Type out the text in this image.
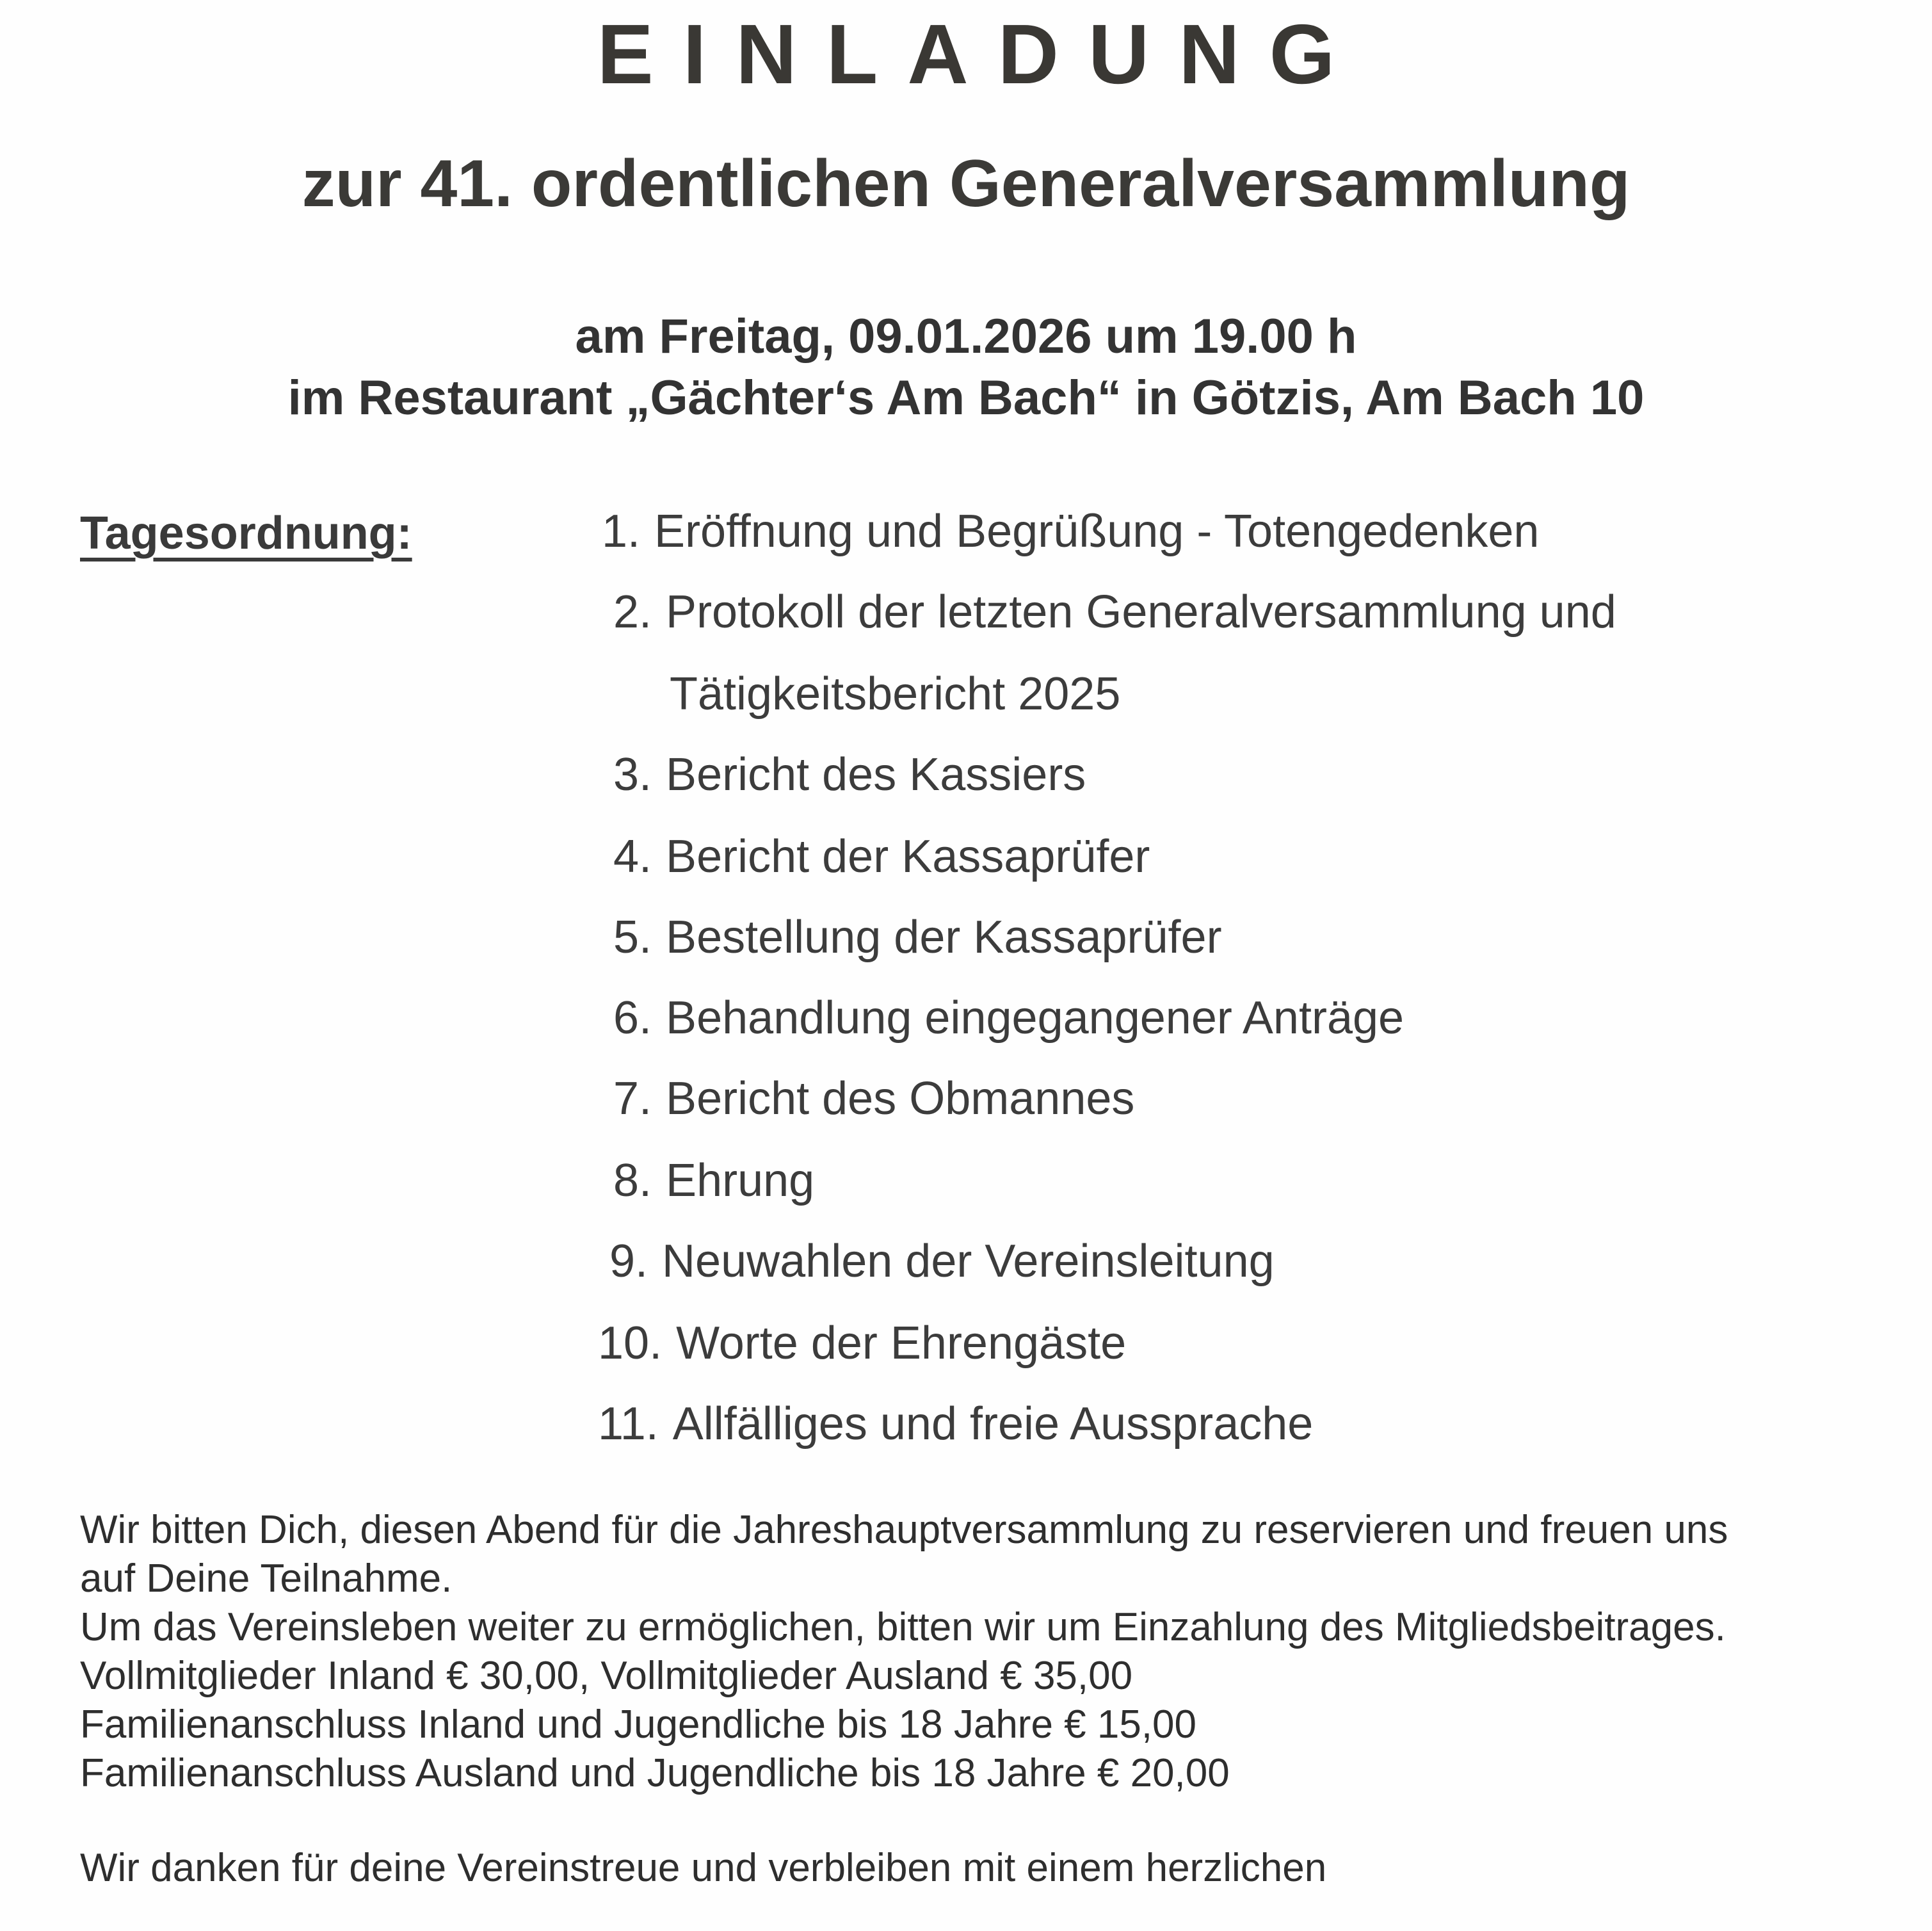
EINLADUNG
zur 41. ordentlichen Generalversammlung
am Freitag, 09.01.2026 um 19.00 h
im Restaurant „Gächter‘s Am Bach“ in Götzis, Am Bach 10
Tagesordnung:	1. Eröffnung und Begrüßung - Totengedenken
2. Protokoll der letzten Generalversammlung und
Tätigkeitsbericht 2025
3. Bericht des Kassiers
4. Bericht der Kassaprüfer
5. Bestellung der Kassaprüfer
6. Behandlung eingegangener Anträge
7. Bericht des Obmannes
8. Ehrung
9. Neuwahlen der Vereinsleitung
10. Worte der Ehrengäste
11. Allfälliges und freie Aussprache
Wir bitten Dich, diesen Abend für die Jahreshauptversammlung zu reservieren und freuen uns
auf Deine Teilnahme.
Um das Vereinsleben weiter zu ermöglichen, bitten wir um Einzahlung des Mitgliedsbeitrages.
Vollmitglieder Inland € 30,00, Vollmitglieder Ausland € 35,00
Familienanschluss Inland und Jugendliche bis 18 Jahre € 15,00
Familienanschluss Ausland und Jugendliche bis 18 Jahre € 20,00
Wir danken für deine Vereinstreue und verbleiben mit einem herzlichen
